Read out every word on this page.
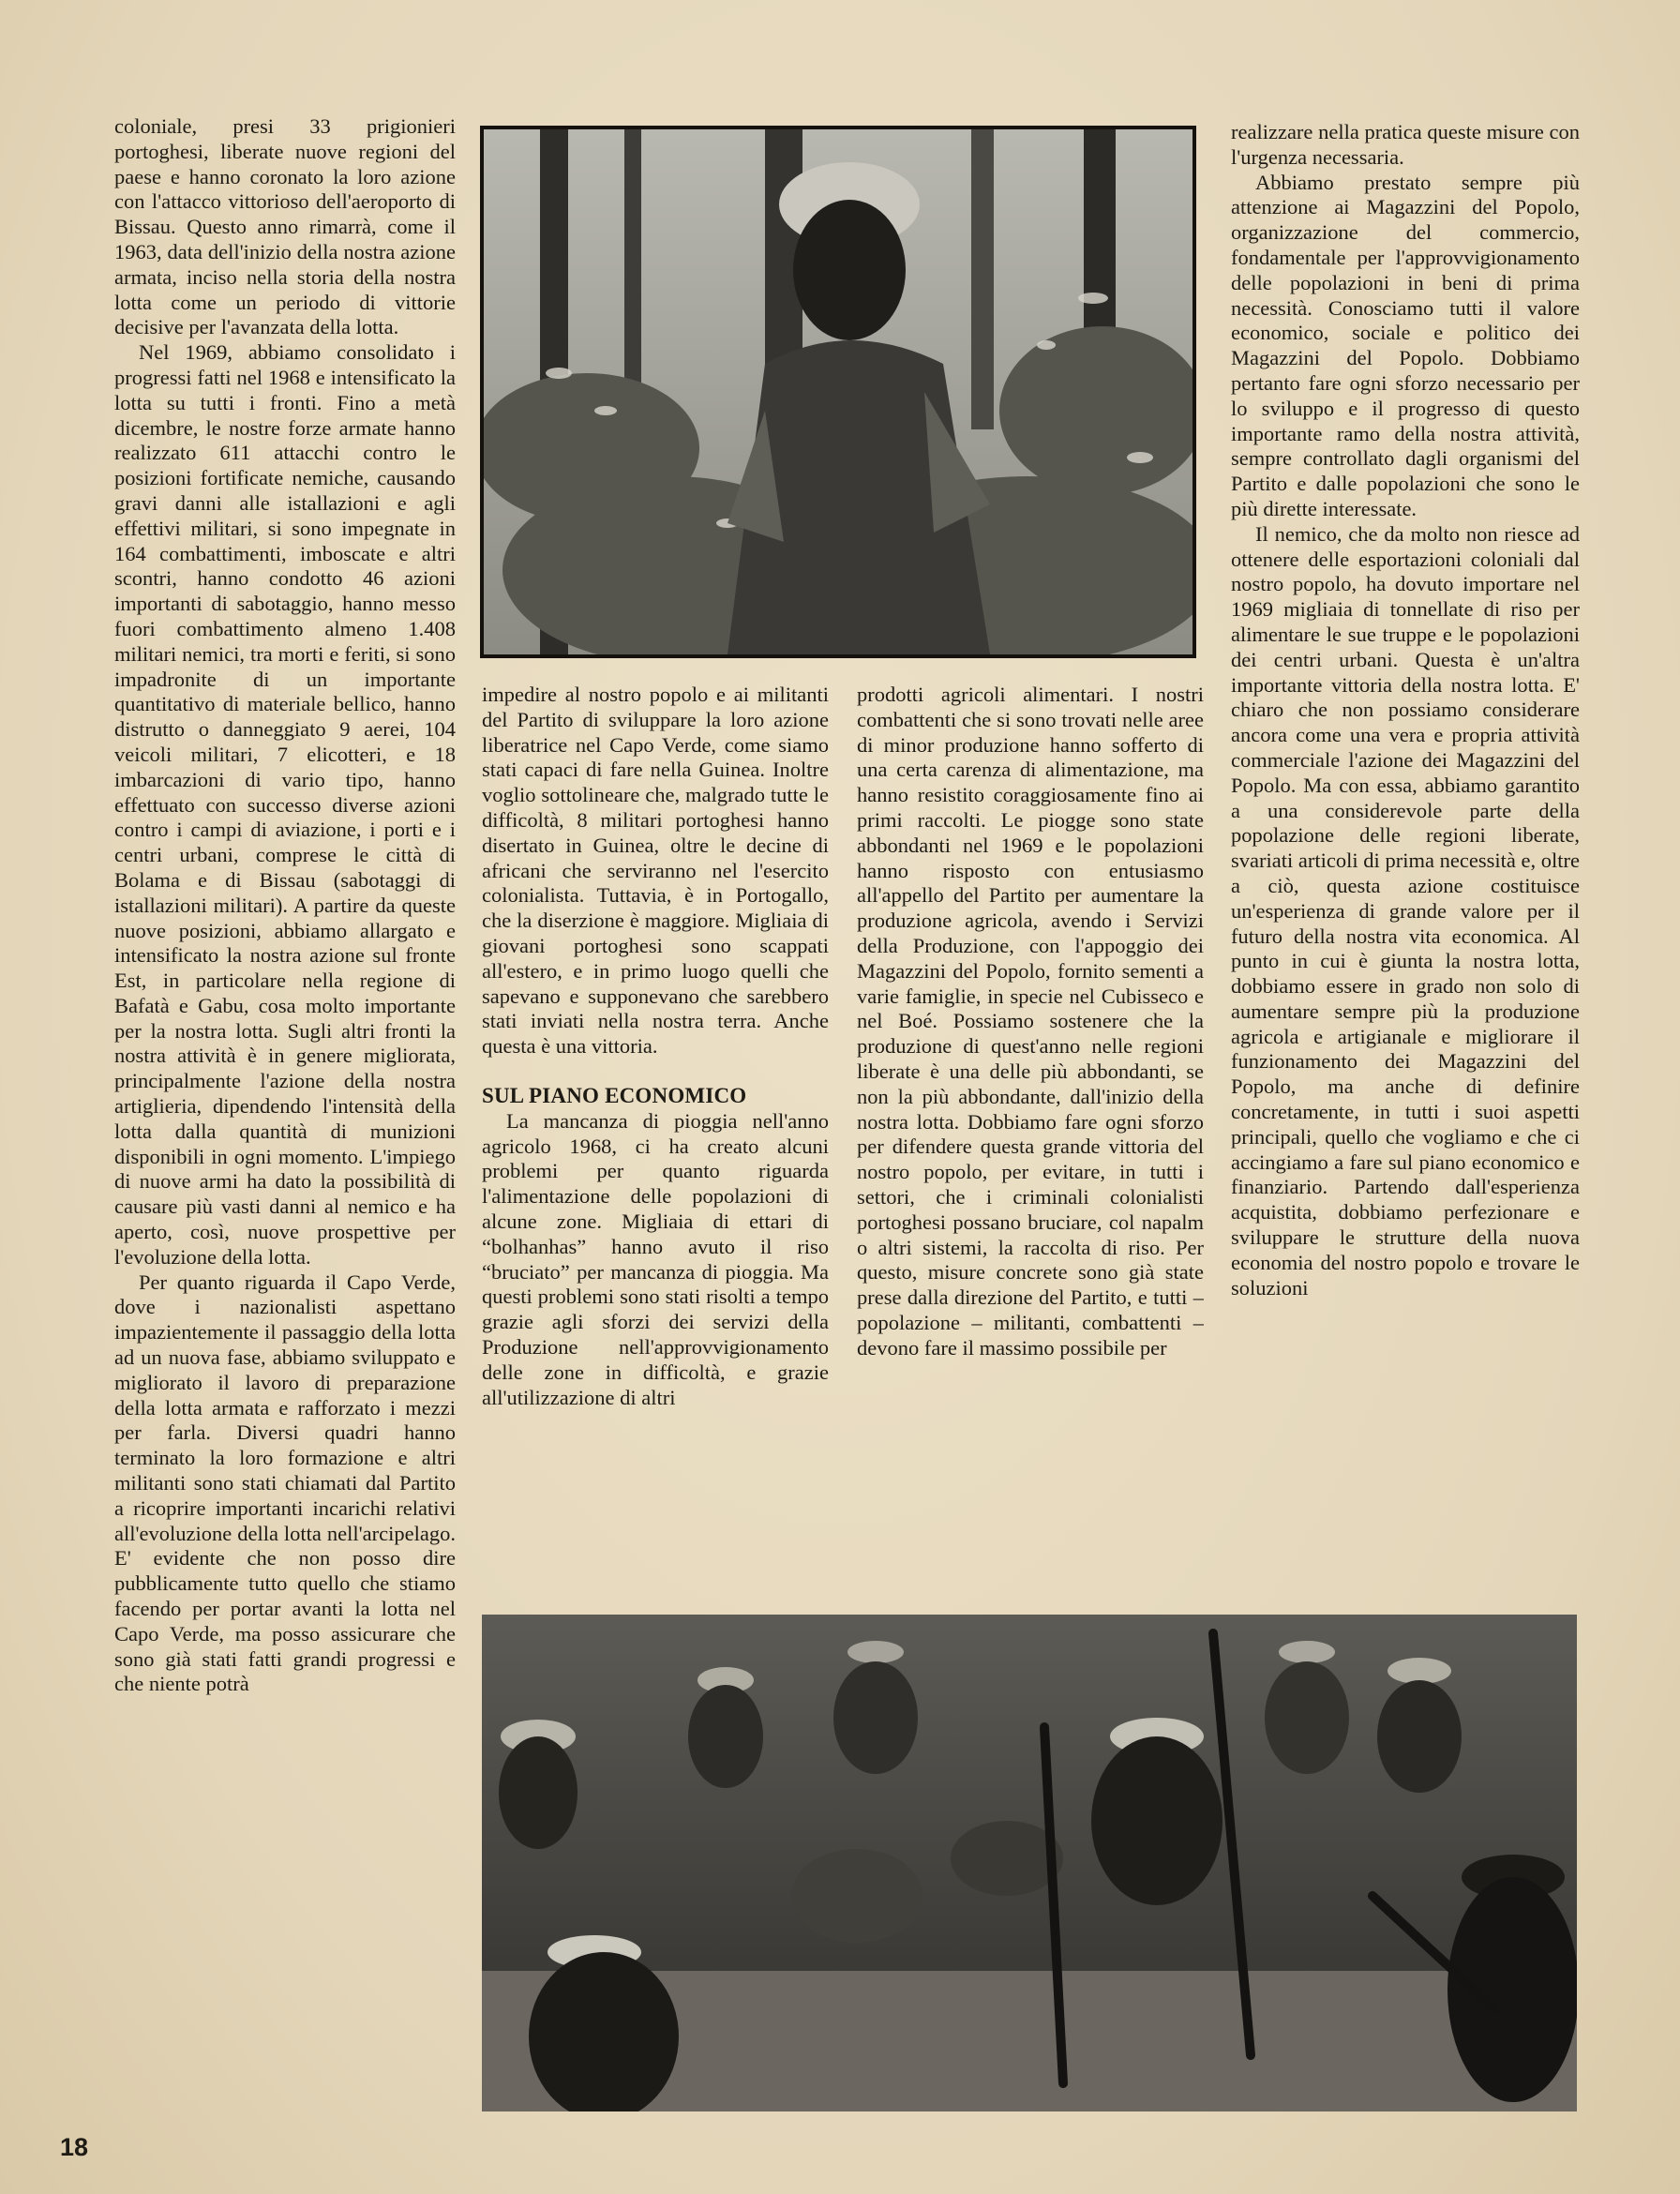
coloniale, presi 33 prigionieri portoghesi, liberate nuove regioni del paese e hanno coronato la loro azione con l'attacco vittorioso dell'aeroporto di Bissau. Questo anno rimarrà, come il 1963, data dell'inizio della nostra azione armata, inciso nella storia della nostra lotta come un periodo di vittorie decisive per l'avanzata della lotta.

Nel 1969, abbiamo consolidato i progressi fatti nel 1968 e intensificato la lotta su tutti i fronti. Fino a metà dicembre, le nostre forze armate hanno realizzato 611 attacchi contro le posizioni fortificate nemiche, causando gravi danni alle istallazioni e agli effettivi militari, si sono impegnate in 164 combattimenti, imboscate e altri scontri, hanno condotto 46 azioni importanti di sabotaggio, hanno messo fuori combattimento almeno 1.408 militari nemici, tra morti e feriti, si sono impadronite di un importante quantitativo di materiale bellico, hanno distrutto o danneggiato 9 aerei, 104 veicoli militari, 7 elicotteri, e 18 imbarcazioni di vario tipo, hanno effettuato con successo diverse azioni contro i campi di aviazione, i porti e i centri urbani, comprese le città di Bolama e di Bissau (sabotaggi di istallazioni militari). A partire da queste nuove posizioni, abbiamo allargato e intensificato la nostra azione sul fronte Est, in particolare nella regione di Bafatà e Gabu, cosa molto importante per la nostra lotta. Sugli altri fronti la nostra attività è in genere migliorata, principalmente l'azione della nostra artiglieria, dipendendo l'intensità della lotta dalla quantità di munizioni disponibili in ogni momento. L'impiego di nuove armi ha dato la possibilità di causare più vasti danni al nemico e ha aperto, così, nuove prospettive per l'evoluzione della lotta.

Per quanto riguarda il Capo Verde, dove i nazionalisti aspettano impazientemente il passaggio della lotta ad un nuova fase, abbiamo sviluppato e migliorato il lavoro di preparazione della lotta armata e rafforzato i mezzi per farla. Diversi quadri hanno terminato la loro formazione e altri militanti sono stati chiamati dal Partito a ricoprire importanti incarichi relativi all'evoluzione della lotta nell'arcipelago. E' evidente che non posso dire pubblicamente tutto quello che stiamo facendo per portar avanti la lotta nel Capo Verde, ma posso assicurare che sono già stati fatti grandi progressi e che niente potrà

impedire al nostro popolo e ai militanti del Partito di sviluppare la loro azione liberatrice nel Capo Verde, come siamo stati capaci di fare nella Guinea. Inoltre voglio sottolineare che, malgrado tutte le difficoltà, 8 militari portoghesi hanno disertato in Guinea, oltre le decine di africani che serviranno nel l'esercito colonialista. Tuttavia, è in Portogallo, che la diserzione è maggiore. Migliaia di giovani portoghesi sono scappati all'estero, e in primo luogo quelli che sapevano e supponevano che sarebbero stati inviati nella nostra terra. Anche questa è una vittoria.

SUL PIANO ECONOMICO

La mancanza di pioggia nell'anno agricolo 1968, ci ha creato alcuni problemi per quanto riguarda l'alimentazione delle popolazioni di alcune zone. Migliaia di ettari di “bolhanhas” hanno avuto il riso “bruciato” per mancanza di pioggia. Ma questi problemi sono stati risolti a tempo grazie agli sforzi dei servizi della Produzione nell'approvvigionamento delle zone in difficoltà, e grazie all'utilizzazione di altri

prodotti agricoli alimentari. I nostri combattenti che si sono trovati nelle aree di minor produzione hanno sofferto di una certa carenza di alimentazione, ma hanno resistito coraggiosamente fino ai primi raccolti. Le piogge sono state abbondanti nel 1969 e le popolazioni hanno risposto con entusiasmo all'appello del Partito per aumentare la produzione agricola, avendo i Servizi della Produzione, con l'appoggio dei Magazzini del Popolo, fornito sementi a varie famiglie, in specie nel Cubisseco e nel Boé. Possiamo sostenere che la produzione di quest'anno nelle regioni liberate è una delle più abbondanti, se non la più abbondante, dall'inizio della nostra lotta. Dobbiamo fare ogni sforzo per difendere questa grande vittoria del nostro popolo, per evitare, in tutti i settori, che i criminali colonialisti portoghesi possano bruciare, col napalm o altri sistemi, la raccolta di riso. Per questo, misure concrete sono già state prese dalla direzione del Partito, e tutti – popolazione – militanti, combattenti – devono fare il massimo possibile per

realizzare nella pratica queste misure con l'urgenza necessaria.

Abbiamo prestato sempre più attenzione ai Magazzini del Popolo, organizzazione del commercio, fondamentale per l'approvvigionamento delle popolazioni in beni di prima necessità. Conosciamo tutti il valore economico, sociale e politico dei Magazzini del Popolo. Dobbiamo pertanto fare ogni sforzo necessario per lo sviluppo e il progresso di questo importante ramo della nostra attività, sempre controllato dagli organismi del Partito e dalle popolazioni che sono le più dirette interessate.

Il nemico, che da molto non riesce ad ottenere delle esportazioni coloniali dal nostro popolo, ha dovuto importare nel 1969 migliaia di tonnellate di riso per alimentare le sue truppe e le popolazioni dei centri urbani. Questa è un'altra importante vittoria della nostra lotta. E' chiaro che non possiamo considerare ancora come una vera e propria attività commerciale l'azione dei Magazzini del Popolo. Ma con essa, abbiamo garantito a una considerevole parte della popolazione delle regioni liberate, svariati articoli di prima necessità e, oltre a ciò, questa azione costituisce un'esperienza di grande valore per il futuro della nostra vita economica. Al punto in cui è giunta la nostra lotta, dobbiamo essere in grado non solo di aumentare sempre più la produzione agricola e artigianale e migliorare il funzionamento dei Magazzini del Popolo, ma anche di definire concretamente, in tutti i suoi aspetti principali, quello che vogliamo e che ci accingiamo a fare sul piano economico e finanziario. Partendo dall'esperienza acquistita, dobbiamo perfezionare e sviluppare le strutture della nuova economia del nostro popolo e trovare le soluzioni

18
